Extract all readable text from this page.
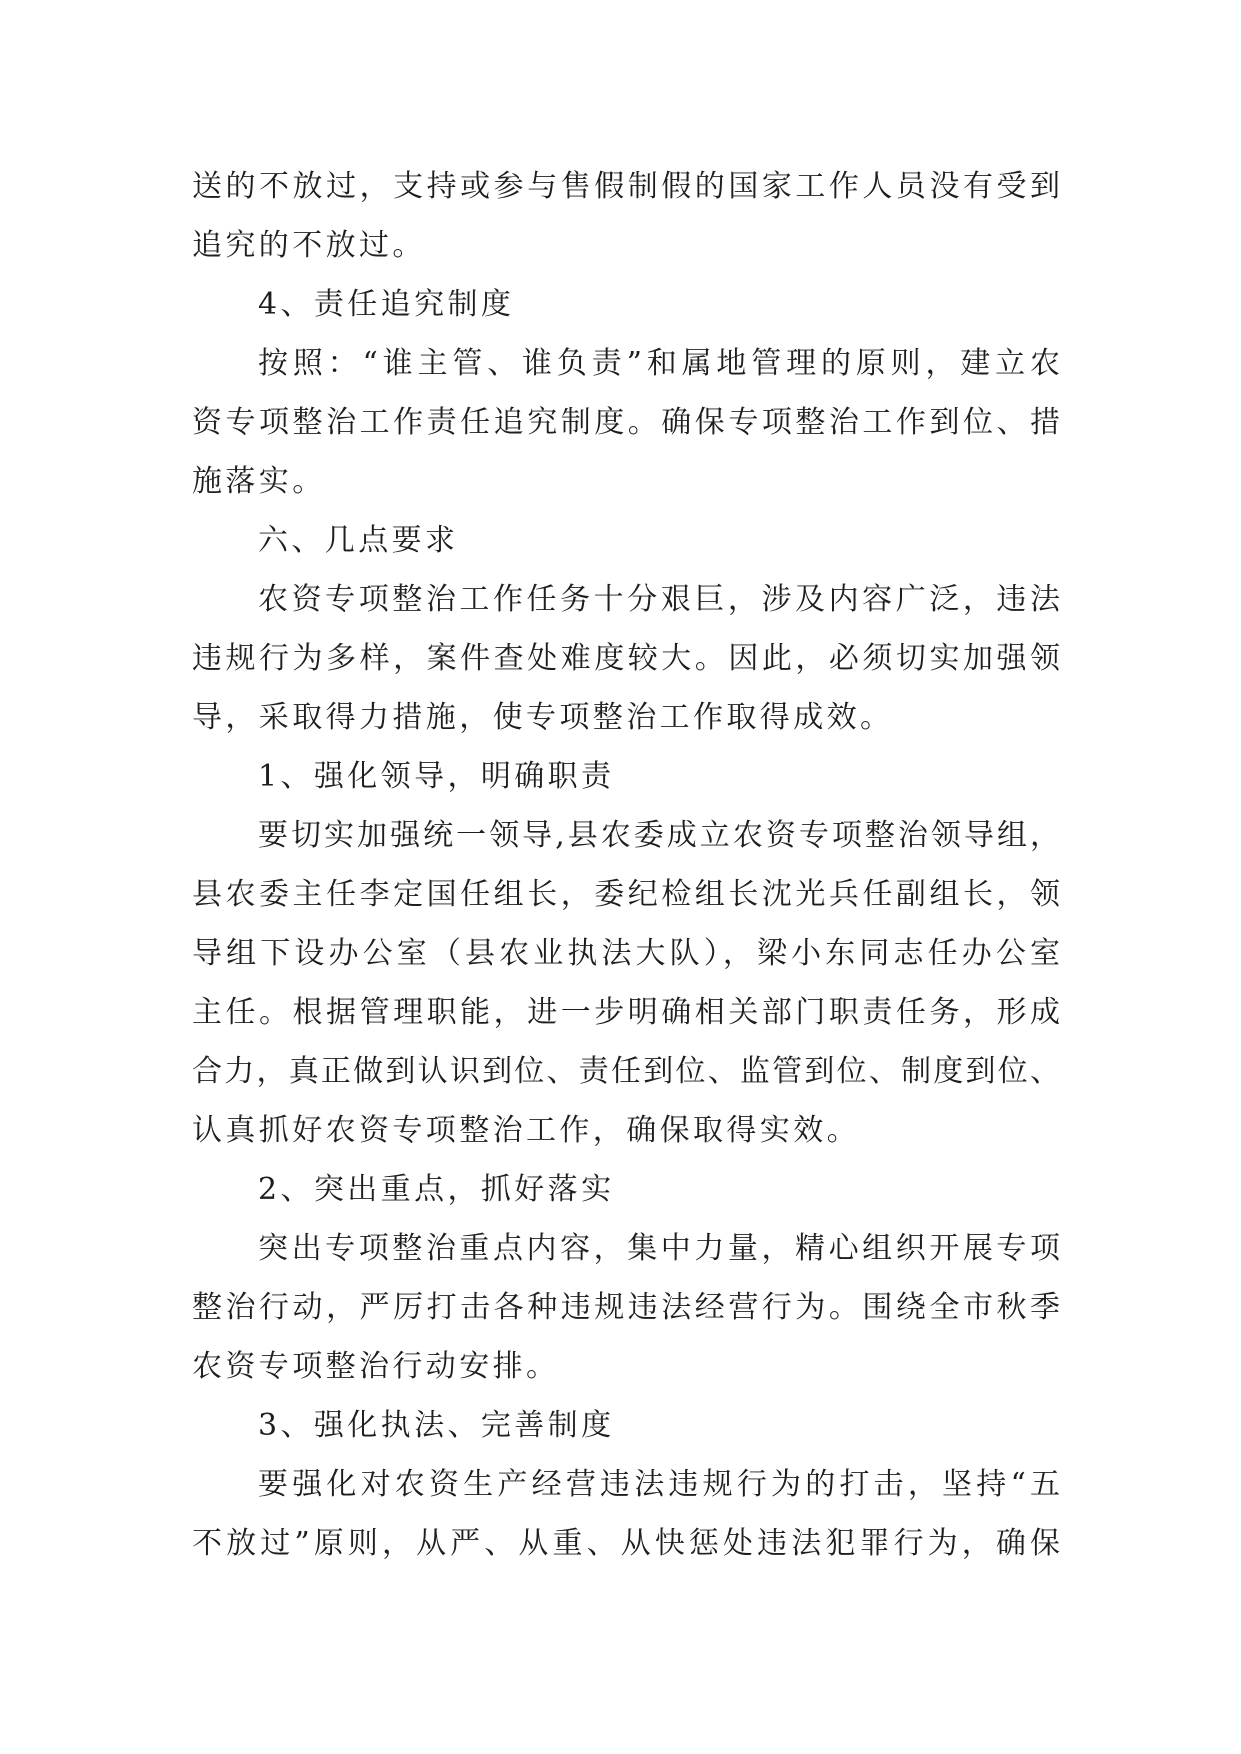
送的不放过，支持或参与售假制假的国家工作人员没有受到
追究的不放过。
4、责任追究制度
按照：“谁主管、谁负责”和属地管理的原则，建立农
资专项整治工作责任追究制度。确保专项整治工作到位、措
施落实。
六、几点要求
农资专项整治工作任务十分艰巨，涉及内容广泛，违法
违规行为多样，案件查处难度较大。因此，必须切实加强领
导，采取得力措施，使专项整治工作取得成效。
1、强化领导，明确职责
要切实加强统一领导,县农委成立农资专项整治领导组，
县农委主任李定国任组长，委纪检组长沈光兵任副组长，领
导组下设办公室（县农业执法大队），梁小东同志任办公室
主任。根据管理职能，进一步明确相关部门职责任务，形成
合力，真正做到认识到位、责任到位、监管到位、制度到位、
认真抓好农资专项整治工作，确保取得实效。
2、突出重点，抓好落实
突出专项整治重点内容，集中力量，精心组织开展专项
整治行动，严厉打击各种违规违法经营行为。围绕全市秋季
农资专项整治行动安排。
3、强化执法、完善制度
要强化对农资生产经营违法违规行为的打击，坚持“五
不放过”原则，从严、从重、从快惩处违法犯罪行为，确保
